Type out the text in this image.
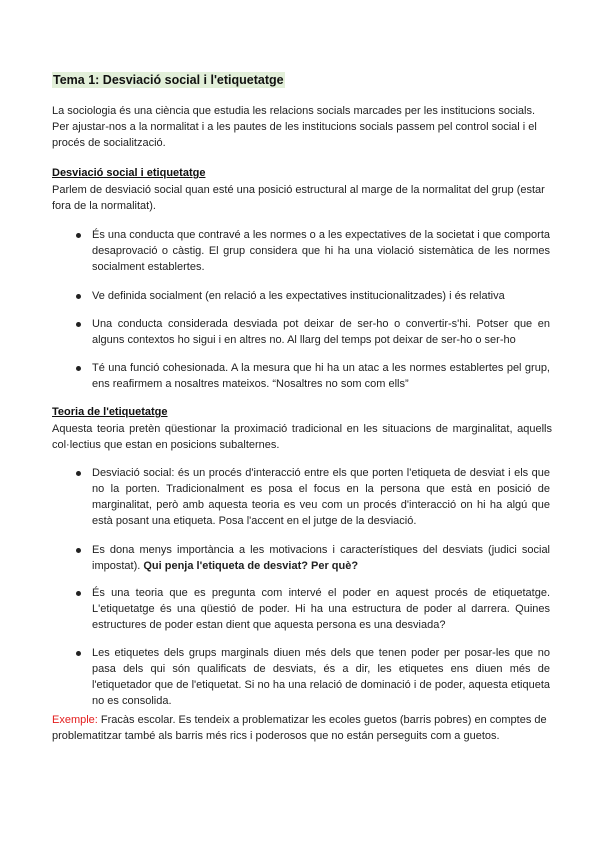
Tema 1: Desviació social i l'etiquetatge

La sociologia és una ciència que estudia les relacions socials marcades per les institucions socials. Per ajustar-nos a la normalitat i a les pautes de les institucions socials passem pel control social i el procés de socialització.

Desviació social i etiquetatge

Parlem de desviació social quan esté una posició estructural al marge de la normalitat del grup (estar fora de la normalitat).

És una conducta que contravé a les normes o a les expectatives de la societat i que comporta desaprovació o càstig. El grup considera que hi ha una violació sistemàtica de les normes socialment establertes.
Ve definida socialment (en relació a les expectatives institucionalitzades) i és relativa
Una conducta considerada desviada pot deixar de ser-ho o convertir-s'hi. Potser que en alguns contextos ho sigui i en altres no. Al llarg del temps pot deixar de ser-ho o ser-ho
Té una funció cohesionada. A la mesura que hi ha un atac a les normes establertes pel grup, ens reafirmem a nosaltres mateixos. “Nosaltres no som com ells”
Teoria de l'etiquetatge

Aquesta teoria pretèn qüestionar la proximació tradicional en les situacions de marginalitat, aquells col·lectius que estan en posicions subalternes.

Desviació social: és un procés d'interacció entre els que porten l'etiqueta de desviat i els que no la porten. Tradicionalment es posa el focus en la persona que està en posició de marginalitat, però amb aquesta teoria es veu com un procés d'interacció on hi ha algú que està posant una etiqueta. Posa l'accent en el jutge de la desviació.
Es dona menys importància a les motivacions i característiques del desviats (judici social impostat). Qui penja l'etiqueta de desviat? Per què?
És una teoria que es pregunta com intervé el poder en aquest procés de etiquetatge. L'etiquetatge és una qüestió de poder. Hi ha una estructura de poder al darrera. Quines estructures de poder estan dient que aquesta persona es una desviada?
Les etiquetes dels grups marginals diuen més dels que tenen poder per posar-les que no pasa dels qui són qualificats de desviats, és a dir, les etiquetes ens diuen més de l'etiquetador que de l'etiquetat. Si no ha una relació de dominació i de poder, aquesta etiqueta no es consolida.

Exemple: Fracàs escolar. Es tendeix a problematizar les ecoles guetos (barris pobres) en comptes de problematitzar també als barris més rics i poderosos que no están perseguits com a guetos.
